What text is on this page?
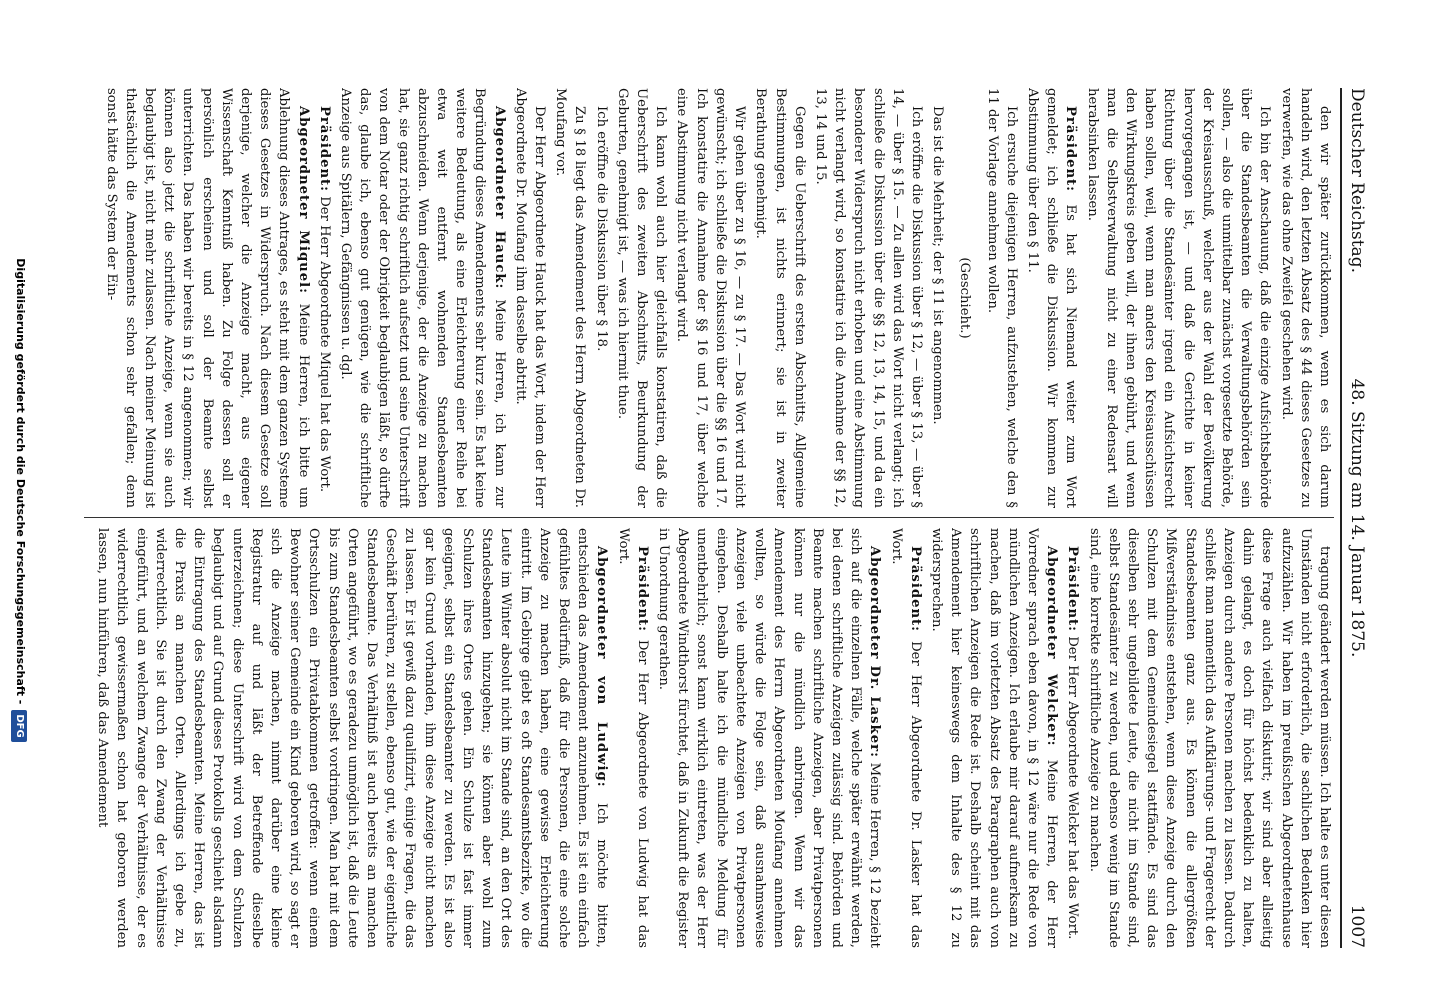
Deutscher Reichstag.
48. Sitzung am 14. Januar 1875.
1007

den wir später zurückkommen, wenn es sich darum handeln wird, den letzten Absatz des § 44 dieses Gesetzes zu verwerfen, wie das ohne Zweifel geschehen wird.

Ich bin der Anschauung, daß die einzige Aufsichtsbehörde über die Standesbeamten die Verwaltungsbehörden sein sollen, — also die unmittelbar zunächst vorgesetzte Behörde, der Kreisausschuß, welcher aus der Wahl der Bevölkerung hervorgegangen ist, — und daß die Gerichte in keiner Richtung über die Standesämter irgend ein Aufsichtsrecht haben sollen, weil, wenn man anders den Kreisausschüssen den Wirkungskreis geben will, der ihnen gebührt, und wenn man die Selbstverwaltung nicht zu einer Redensart will herabsinken lassen.

Präsident: Es hat sich Niemand weiter zum Wort gemeldet; ich schließe die Diskussion. Wir kommen zur Abstimmung über den § 11.

Ich ersuche diejenigen Herren, aufzustehen, welche den § 11 der Vorlage annehmen wollen.

(Geschieht.)

Das ist die Mehrheit; der § 11 ist angenommen.

Ich eröffne die Diskussion über § 12, — über § 13, — über § 14, — über § 15. — Zu allen wird das Wort nicht verlangt; ich schließe die Diskussion über die §§ 12, 13, 14, 15, und da ein besonderer Widerspruch nicht erhoben und eine Abstimmung nicht verlangt wird, so konstatire ich die Annahme der §§ 12, 13, 14 und 15.

Gegen die Ueberschrift des ersten Abschnitts, Allgemeine Bestimmungen, ist nichts erinnert; sie ist in zweiter Berathung genehmigt.

Wir gehen über zu § 16, — zu § 17. — Das Wort wird nicht gewünscht; ich schließe die Diskussion über die §§ 16 und 17. Ich konstatire die Annahme der §§ 16 und 17, über welche eine Abstimmung nicht verlangt wird.

Ich kann wohl auch hier gleichfalls konstatiren, daß die Ueberschrift des zweiten Abschnitts, Beurkundung der Geburten, genehmigt ist, — was ich hiermit thue.

Ich eröffne die Diskussion über § 18.

Zu § 18 liegt das Amendement des Herrn Abgeordneten Dr. Moufang vor.

Der Herr Abgeordnete Hauck hat das Wort, indem der Herr Abgeordnete Dr. Moufang ihm dasselbe abtritt.

Abgeordneter Hauck: Meine Herren, ich kann zur Begründung dieses Amendements sehr kurz sein. Es hat keine weitere Bedeutung, als eine Erleichterung einer Reihe bei etwa weit entfernt wohnenden Standesbeamten abzuschneiden. Wenn derjenige, der die Anzeige zu machen hat, sie ganz richtig schriftlich aufsetzt und seine Unterschrift von dem Notar oder der Obrigkeit beglaubigen läßt, so dürfte das, glaube ich, ebenso gut genügen, wie die schriftliche Anzeige aus Spitälern, Gefängnissen u. dgl.

Präsident: Der Herr Abgeordnete Miquel hat das Wort.

Abgeordneter Miquel: Meine Herren, ich bitte um Ablehnung dieses Antrages, es steht mit dem ganzen Systeme dieses Gesetzes in Widerspruch. Nach diesem Gesetze soll derjenige, welcher die Anzeige macht, aus eigener Wissenschaft Kenntniß haben. Zu Folge dessen soll er persönlich erscheinen und soll der Beamte selbst unterrichten. Das haben wir bereits in § 12 angenommen; wir können also jetzt die schriftliche Anzeige, wenn sie auch beglaubigt ist, nicht mehr zulassen. Nach meiner Meinung ist thatsächlich die Amendements schon sehr gefallen; denn sonst hätte das System der Ein-

tragung geändert werden müssen. Ich halte es unter diesen Umständen nicht erforderlich, die sachlichen Bedenken hier aufzuzählen. Wir haben im preußischen Abgeordnetenhause diese Frage auch vielfach diskutirt; wir sind aber allseitig dahin gelangt, es doch für höchst bedenklich zu halten, Anzeigen durch andere Personen machen zu lassen. Dadurch schließt man namentlich das Aufklärungs- und Fragerecht der Standesbeamten ganz aus. Es können die allergrößten Mißverständnisse entstehen, wenn diese Anzeige durch den Schulzen mit dem Gemeindesiegel stattfände. Es sind das dieselben sehr ungebildete Leute, die nicht im Stande sind, selbst Standesämter zu werden, und ebenso wenig im Stande sind, eine korrekte schriftliche Anzeige zu machen.

Präsident: Der Herr Abgeordnete Welcker hat das Wort.

Abgeordneter Welcker: Meine Herren, der Herr Vorredner sprach eben davon, in § 12 wäre nur die Rede von mündlichen Anzeigen. Ich erlaube mir darauf aufmerksam zu machen, daß im vorletzten Absatz des Paragraphen auch von schriftlichen Anzeigen die Rede ist. Deshalb scheint mit das Amendement hier keineswegs dem Inhalte des § 12 zu widersprechen.

Präsident: Der Herr Abgeordnete Dr. Lasker hat das Wort.

Abgeordneter Dr. Lasker: Meine Herren, § 12 bezieht sich auf die einzelnen Fälle, welche später erwähnt werden, bei denen schriftliche Anzeigen zulässig sind. Behörden und Beamte machen schriftliche Anzeigen, aber Privatpersonen können nur die mündlich anbringen. Wenn wir das Amendement des Herrn Abgeordneten Moufang annehmen wollten, so würde die Folge sein, daß ausnahmsweise Anzeigen viele unbeachtete Anzeigen von Privatpersonen eingehen. Deshalb halte ich die mündliche Meldung für unentbehrlich; sonst kann wirklich eintreten, was der Herr Abgeordnete Windthorst fürchtet, daß in Zukunft die Register in Unordnung gerathen.

Präsident: Der Herr Abgeordnete von Ludwig hat das Wort.

Abgeordneter von Ludwig: Ich möchte bitten, entschieden das Amendement anzunehmen. Es ist ein einfach gefühltes Bedürfniß, daß für die Personen, die eine solche Anzeige zu machen haben, eine gewisse Erleichterung eintritt. Im Gebirge giebt es oft Standesamtsbezirke, wo die Leute im Winter absolut nicht im Stande sind, an den Ort des Standesbeamten hinzugehen; sie können aber wohl zum Schulzen ihres Ortes gehen. Ein Schulze ist fast immer geeignet, selbst ein Standesbeamter zu werden. Es ist also gar kein Grund vorhanden, ihm diese Anzeige nicht machen zu lassen. Er ist gewiß dazu qualifizirt, einige Fragen, die das Geschäft berühren, zu stellen, ebenso gut, wie der eigentliche Standesbeamte. Das Verhältniß ist auch bereits an manchen Orten angeführt, wo es geradezu unmöglich ist, daß die Leute bis zum Standesbeamten selbst vordringen. Man hat mit dem Ortsschulzen ein Privatabkommen getroffen: wenn einem Bewohner seiner Gemeinde ein Kind geboren wird, so sagt er sich die Anzeige machen, nimmt darüber eine kleine Registratur auf und läßt der Betreffende dieselbe unterzeichnen; diese Unterschrift wird von dem Schulzen beglaubigt und auf Grund dieses Protokolls geschieht alsdann die Eintragung des Standesbeamten. Meine Herren, das ist die Praxis an manchen Orten. Allerdings ich gebe zu, widerrechtlich. Sie ist durch den Zwang der Verhältnisse eingeführt, und an welchem Zwange der Verhältnisse, der es widerrechtlich gewissermaßen schon hat geboren werden lassen, nun hinführen, daß das Amendement

Digitalisierung gefördert durch die Deutsche Forschungsgemeinschaft -DFG
